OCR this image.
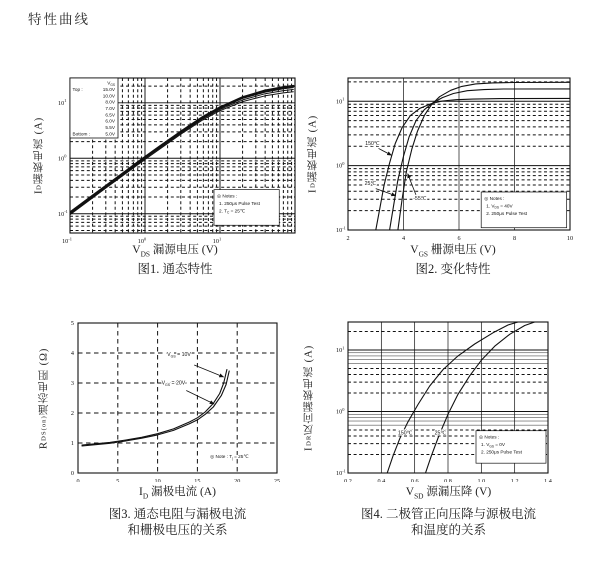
特性曲线
$V_{GS}$
Top :	15.0V
10.0V
8.0V
7.0V
6.5V
6.0V
5.5V
Bottom :	5.0V
◎ Notes :
1. 250μs Pulse Test
2. $T_C$ = 25℃
$10^{-1}$	$10^0$	$10^1$
$10^{-1}$
$10^0$
$10^1$
I
D
漏极电流 (A)
$V_{DS}$ 漏源电压 (V)
图1. 通态特性
◎ Notes :
1. $V_{DS} = 40V$
2. 250μs Pulse Test
150℃
25℃
-55℃
2	4	6	8	10
$10^{-1}$
$10^0$
$10^1$
I
D
漏极电流 (A)
$V_{GS}$ 栅源电压 (V)
图2. 变化特性
◎ Note : $T_j$ = 25℃
$V_{GS} = 10V$
$V_{GS} = 20V$
0	5	10	15	20	25
0
1
2
3
4
5
R
DS(on)
通态电阻 (Ω)
$I_D$ 漏极电流 (A)
图3. 通态电阻与漏极电流
和栅极电压的关系
◎ Notes :
1. $V_{GS} = 0V$
2. 250μs Pulse Test
150℃	25℃
0.2	0.4	0.6	0.8	1.0	1.2	1.4
$10^{-1}$
$10^0$
$10^1$
I
DR
反向漏极电流 (A)
$V_{SD}$ 源漏压降 (V)
图4. 二极管正向压降与源极电流
和温度的关系
